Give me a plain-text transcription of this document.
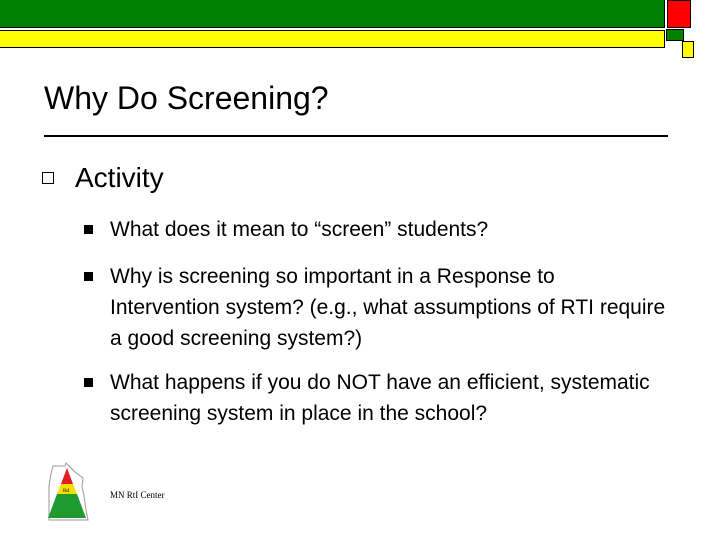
Why Do Screening?
Activity
What does it mean to “screen” students?
Why is screening so important in a Response to Intervention system? (e.g., what assumptions of RTI require a good screening system?)
What happens if you do NOT have an efficient, systematic screening system in place in the school?
RtI	MN RtI Center
